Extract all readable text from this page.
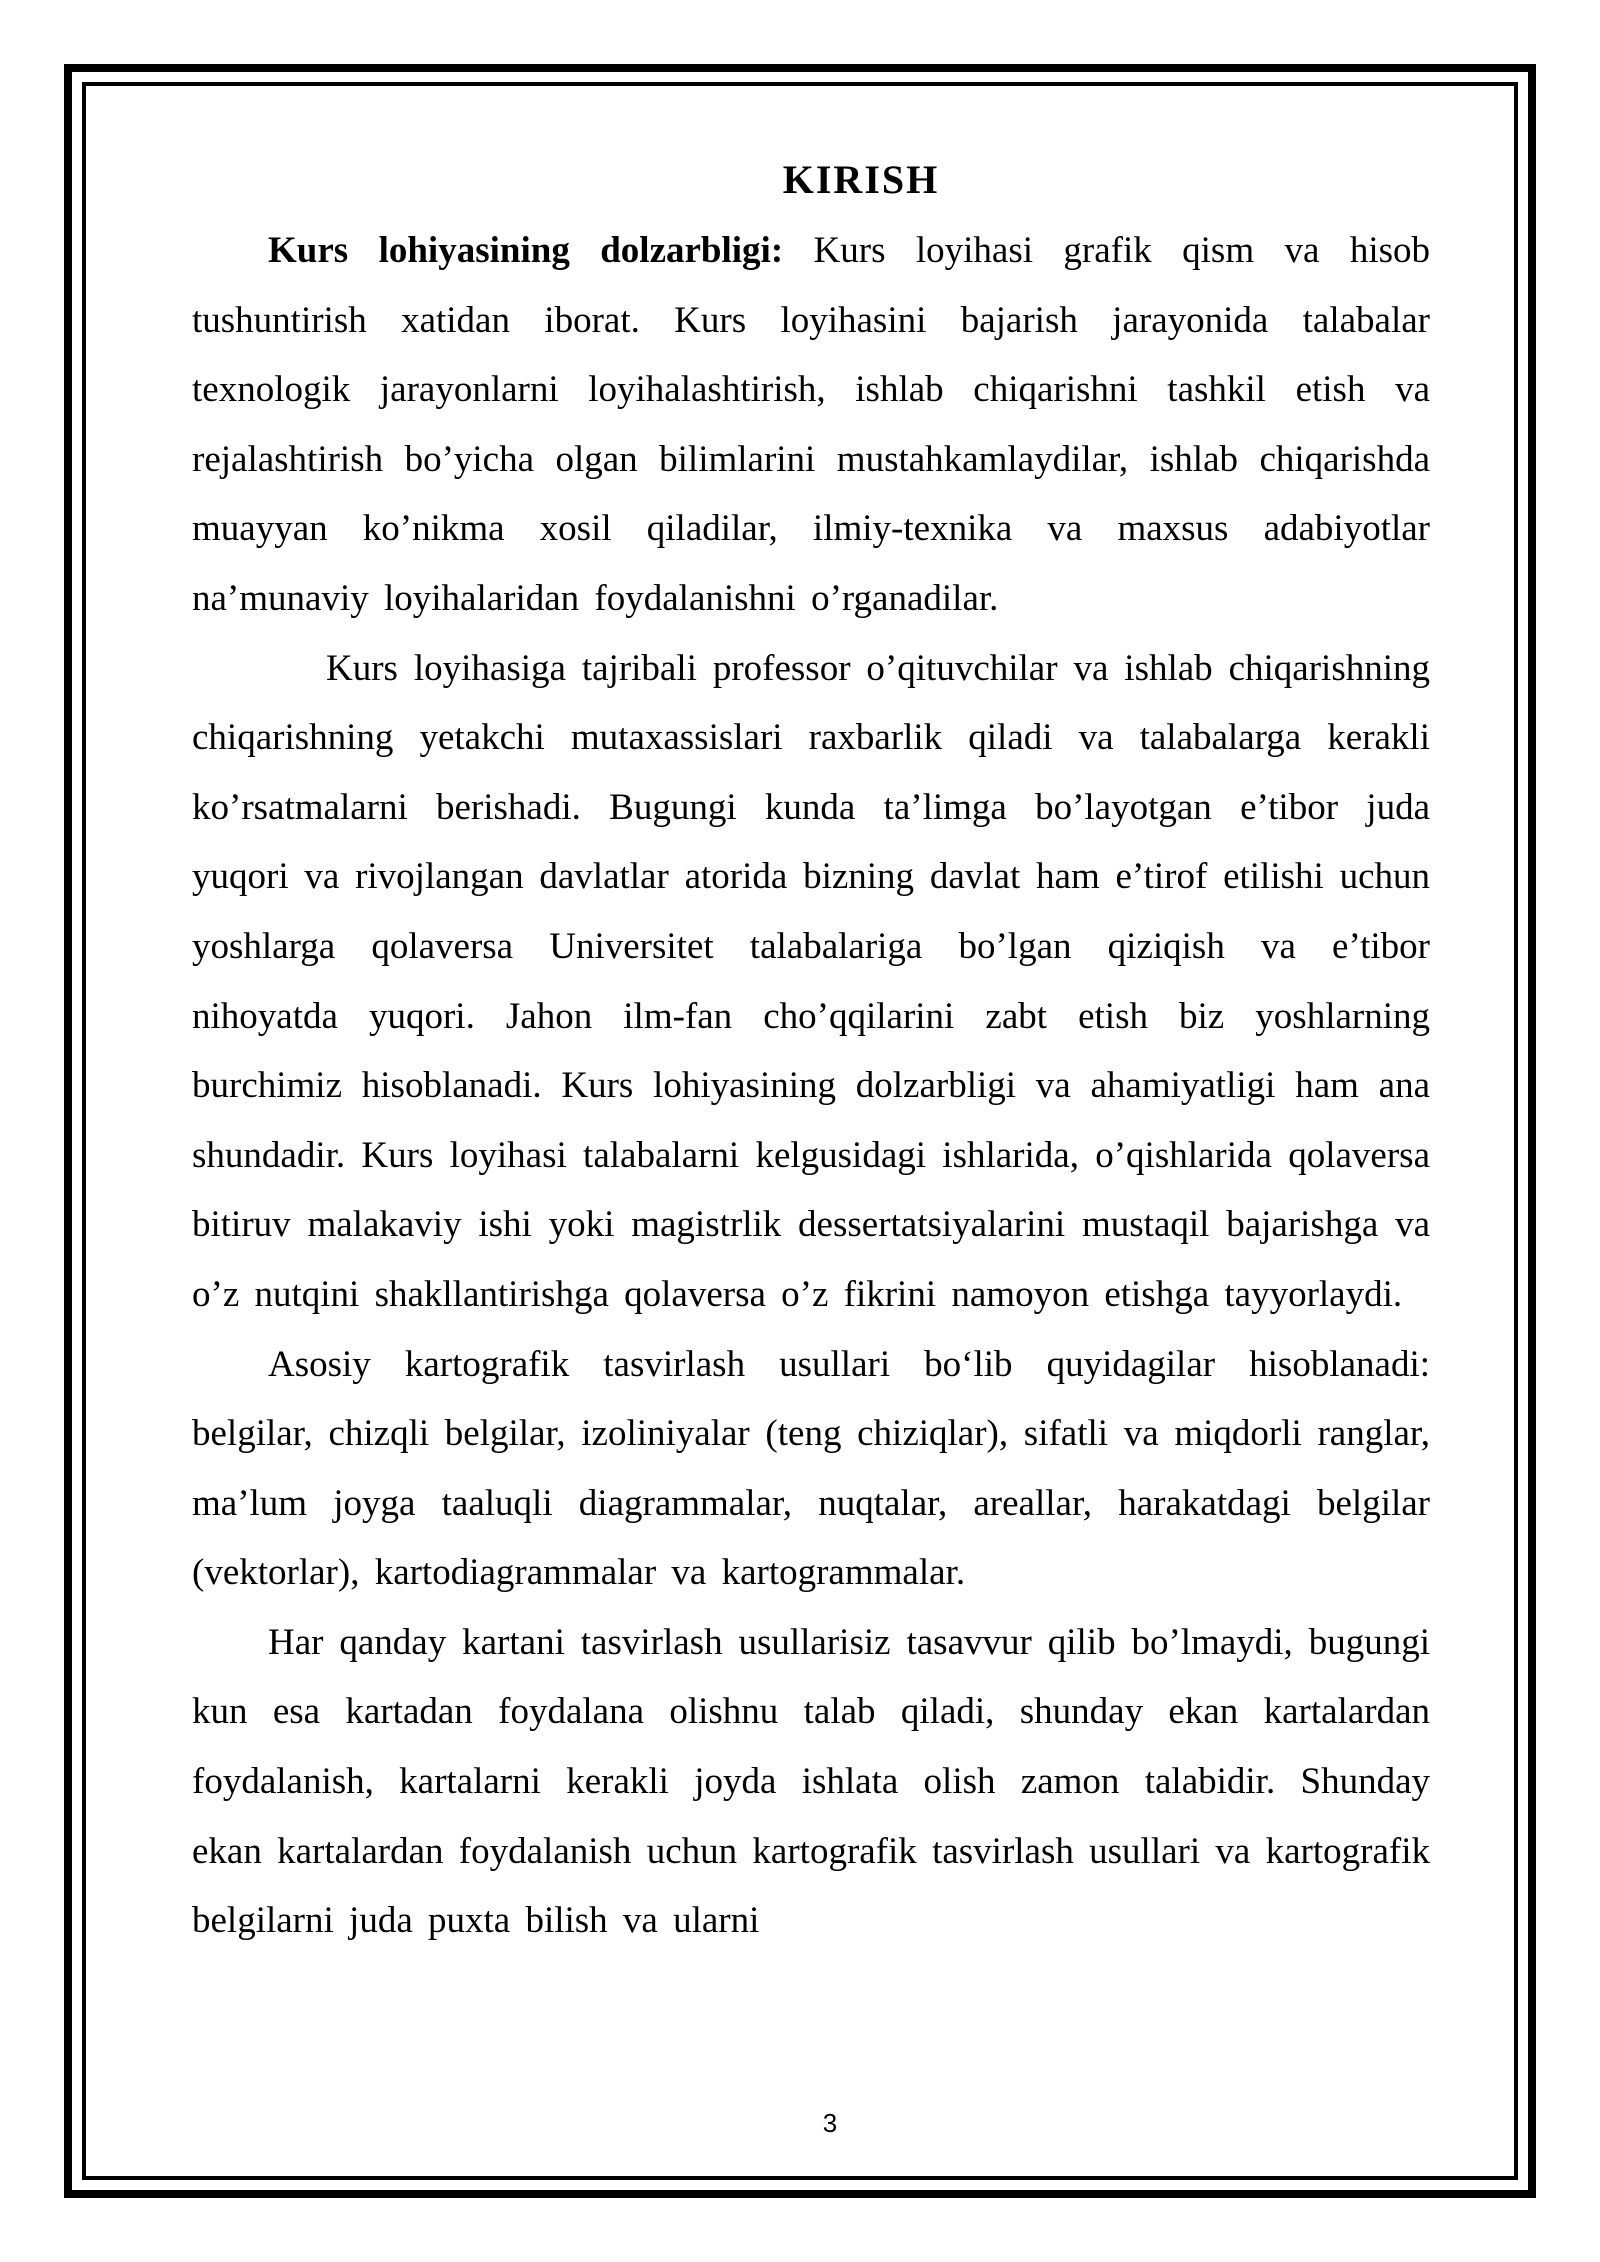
KIRISH

Kurs lohiyasining dolzarbligi: Kurs loyihasi grafik qism va hisob tushuntirish xatidan iborat. Kurs loyihasini bajarish jarayonida talabalar texnologik jarayonlarni loyihalashtirish, ishlab chiqarishni tashkil etish va rejalashtirish bo’yicha olgan bilimlarini mustahkamlaydilar, ishlab chiqarishda muayyan ko’nikma xosil qiladilar, ilmiy-texnika va maxsus adabiyotlar na’munaviy loyihalaridan foydalanishni o’rganadilar.

Kurs loyihasiga tajribali professor o’qituvchilar va ishlab chiqarishning chiqarishning yetakchi mutaxassislari raxbarlik qiladi va talabalarga kerakli ko’rsatmalarni berishadi. Bugungi kunda ta’limga bo’layotgan e’tibor juda yuqori va rivojlangan davlatlar atorida bizning davlat ham e’tirof etilishi uchun yoshlarga qolaversa Universitet talabalariga bo’lgan qiziqish va e’tibor nihoyatda yuqori. Jahon ilm-fan cho’qqilarini zabt etish biz yoshlarning burchimiz hisoblanadi. Kurs lohiyasining dolzarbligi va ahamiyatligi ham ana shundadir. Kurs loyihasi talabalarni kelgusidagi ishlarida, o’qishlarida qolaversa bitiruv malakaviy ishi yoki magistrlik dessertatsiyalarini mustaqil bajarishga va o’z nutqini shakllantirishga qolaversa o’z fikrini namoyon etishga tayyorlaydi.

Asosiy kartografik tasvirlash usullari bo‘lib quyidagilar hisoblanadi: belgilar, chizqli belgilar, izoliniyalar (teng chiziqlar), sifatli va miqdorli ranglar, ma’lum joyga taaluqli diagrammalar, nuqtalar, areallar, harakatdagi belgilar (vektorlar), kartodiagrammalar va kartogrammalar.

Har qanday kartani tasvirlash usullarisiz tasavvur qilib bo’lmaydi, bugungi kun esa kartadan foydalana olishnu talab qiladi, shunday ekan kartalardan foydalanish, kartalarni kerakli joyda ishlata olish zamon talabidir. Shunday ekan kartalardan foydalanish uchun kartografik tasvirlash usullari va kartografik belgilarni juda puxta bilish va ularni

3
